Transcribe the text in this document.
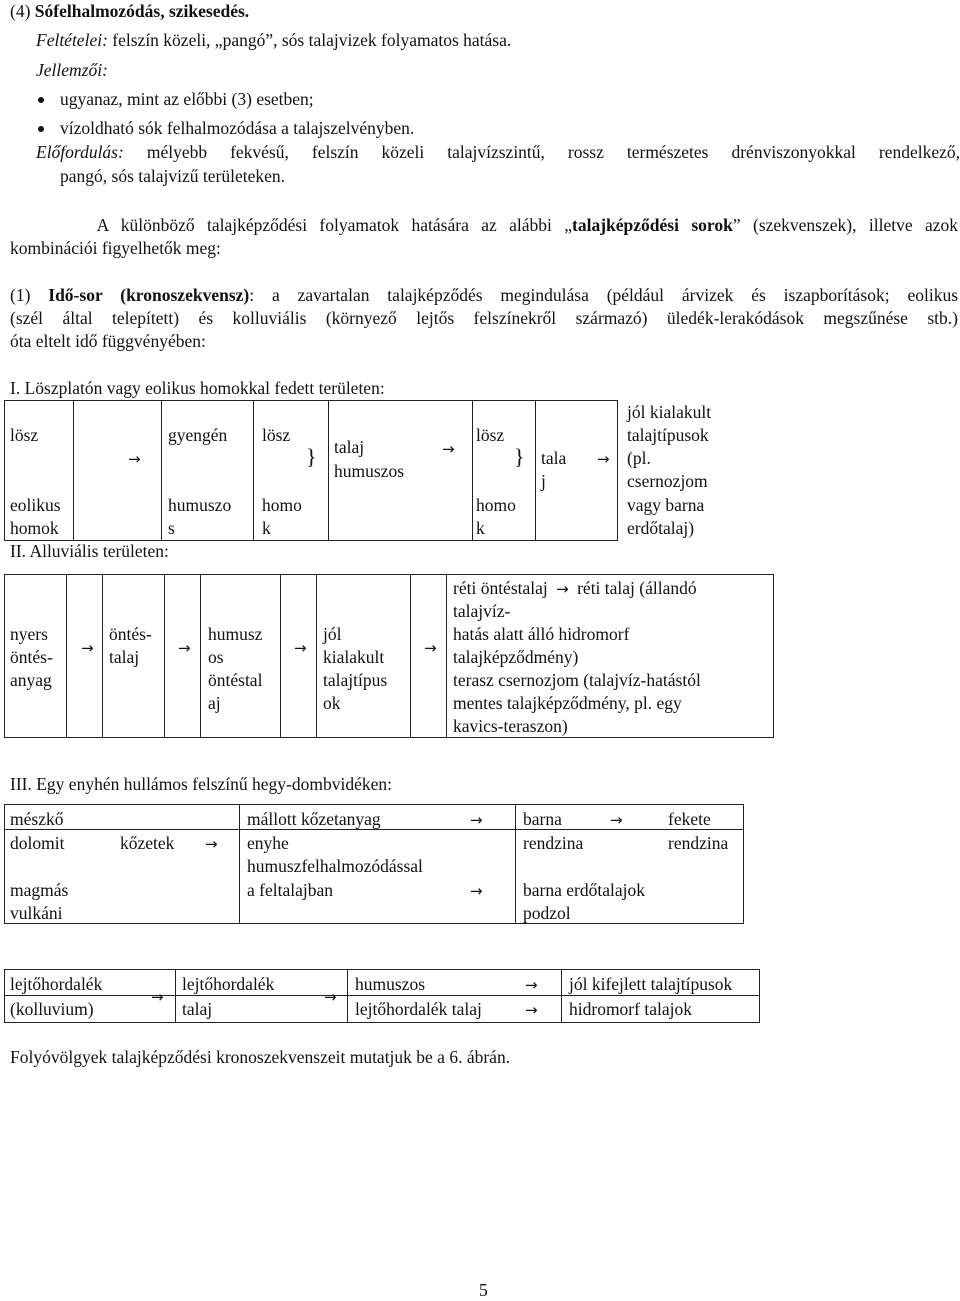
(4) Sófelhalmozódás, szikesedés.
Feltételei: felszín közeli, „pangó”, sós talajvizek folyamatos hatása.
Jellemzői:
ugyanaz, mint az előbbi (3) esetben;
vízoldható sók felhalmozódása a talajszelvényben.
Előfordulás: mélyebb fekvésű, felszín közeli talajvízszintű, rossz természetes drénviszonyokkal rendelkező,
pangó, sós talajvizű területeken.
A különböző talajképződési folyamatok hatására az alábbi „talajképződési sorok” (szekvenszek), illetve azok
kombinációi figyelhetők meg:
(1) Idő-sor (kronoszekvensz): a zavartalan talajképződés megindulása (például árvizek és iszapborítások; eolikus
(szél által telepített) és kolluviális (környező lejtős felszínekről származó) üledék-lerakódások megszűnése stb.)
óta eltelt idő függvényében:
I. Löszplatón vagy eolikus homokkal fedett területen:
lösz
eolikus
homok
→
gyengén
humuszo
s
lösz
homo
k
} talaj
humuszos
→
lösz
homo
k
} tala
j
→
jól kialakult
talajtípusok
(pl.
csernozjom
vagy barna
erdőtalaj)
II. Alluviális területen:
nyers
öntés-
anyag
→
öntés-
talaj	→
humusz
os
öntéstal
aj
→
jól
kialakult
talajtípus
ok
→
réti öntéstalaj → réti talaj (állandó
talajvíz-
hatás alatt álló hidromorf
talajképződmény)
terasz csernozjom (talajvíz-hatástól
mentes talajképződmény, pl. egy
kavics-teraszon)
III. Egy enyhén hullámos felszínű hegy-dombvidéken:
mészkő
dolomit
magmás
vulkáni
kőzetek →
mállott kőzetanyag
enyhe
humuszfelhalmozódással
a feltalajban
→
→
barna	→
rendzina
barna erdőtalajok
podzol
fekete
rendzina
lejtőhordalék
(kolluvium)
→
lejtőhordalék
talaj
→
humuszos
lejtőhordalék talaj
→
→
jól kifejlett talajtípusok
hidromorf talajok
Folyóvölgyek talajképződési kronoszekvenszeit mutatjuk be a 6. ábrán.
5
